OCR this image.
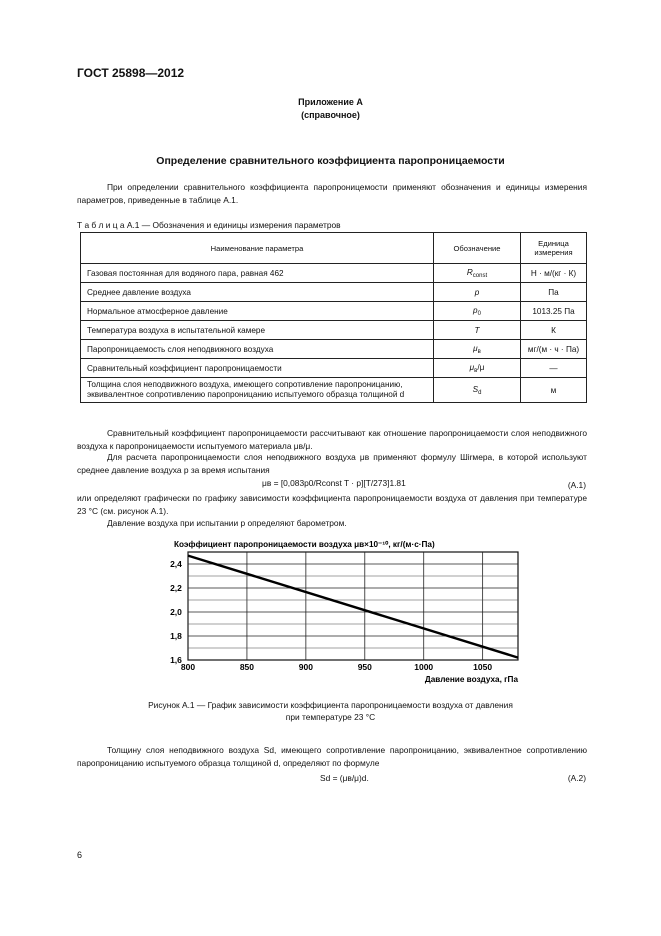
ГОСТ 25898—2012
Приложение А
(справочное)
Определение сравнительного коэффициента паропроницаемости
При определении сравнительного коэффициента паропроницемости применяют обозначения и единицы измерения параметров, приведенные в таблице А.1.
Т а б л и ц а А.1 — Обозначения и единицы измерения параметров
Наименование параметра	Обозначение	Единица измерения
Газовая постоянная для водяного пара, равная 462	$R_{const}$	Н · м/(кг · К)
Среднее давление воздуха	p	Па
Нормальное атмосферное давление	$p_0$	1013.25 Па
Температура воздуха в испытательной камере	T	К
Паропроницаемость слоя неподвижного воздуха	$\mu_в$	мг/(м · ч · Па)
Сравнительный коэффициент паропроницаемости	$\mu_в/\mu$	—
Толщина слоя неподвижного воздуха, имеющего сопротивление паропроницанию, эквивалентное сопротивлению паропроницанию испытуемого образца толщиной d	$S_d$	м
Сравнительный коэффициент паропроницаемости рассчитывают как отношение паропроницаемости слоя неподвижного воздуха к паропроницаемости испытуемого материала μв/μ.
Для расчета паропроницаемости слоя неподвижного воздуха μв применяют формулу Шirмера, в которой используют среднее давление воздуха p за время испытания
μв = [0,083p0/Rconst T · p][T/273]1.81	(А.1)
или определяют графически по графику зависимости коэффициента паропроницаемости воздуха от давления при температуре 23 °С (см. рисунок А.1).
Давление воздуха при испытании p определяют барометром.
800	850	900	950	1000	1050
1,8
2,0
2,2
2,4
Коэффициент паропроницаемости воздуха μв×10⁻¹⁰, кг/(м·с·Па)
Давление воздуха, гПа
1,6
Рисунок А.1 — График зависимости коэффициента паропроницаемости воздуха от давления
при температуре 23 °С
Толщину слоя неподвижного воздуха Sd, имеющего сопротивление паропроницанию, эквивалентное сопротивлению паропроницанию испытуемого образца толщиной d, определяют по формуле
Sd = (μв/μ)d.	(А.2)
6
